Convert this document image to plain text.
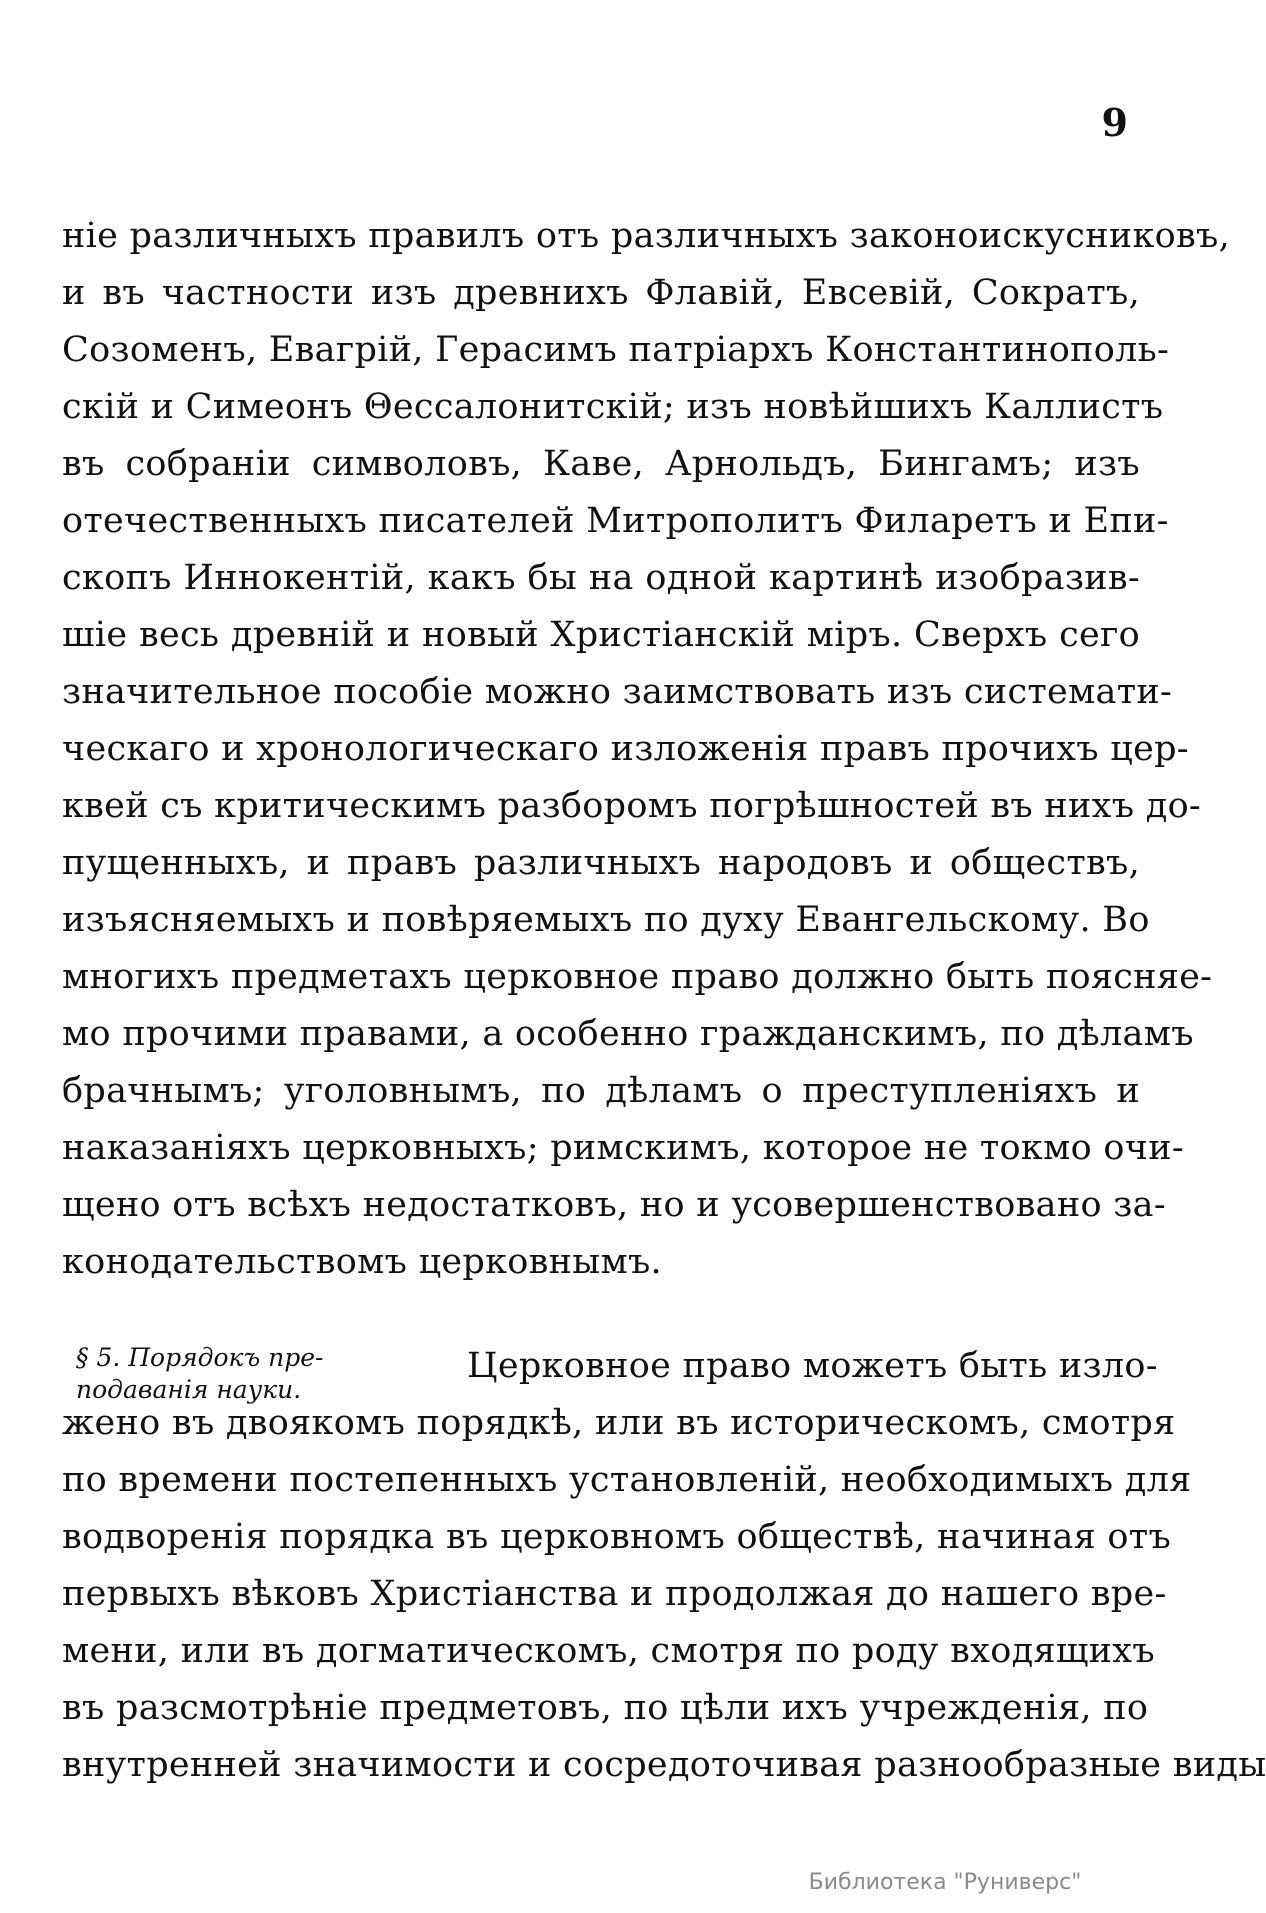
9
ніе различныхъ правилъ отъ различныхъ законоискусниковъ,
и въ частности изъ древнихъ Флавій, Евсевій, Сократъ,
Созоменъ, Евагрій, Герасимъ патріархъ Константинополь-
скій и Симеонъ Θессалонитскій; изъ новѣйшихъ Каллистъ
въ собраніи символовъ, Каве, Арнольдъ, Бингамъ; изъ
отечественныхъ писателей Митрополитъ Филаретъ и Епи-
скопъ Иннокентій, какъ бы на одной картинѣ изобразив-
шіе весь древній и новый Христіанскій міръ. Сверхъ сего
значительное пособіе можно заимствовать изъ системати-
ческаго и хронологическаго изложенія правъ прочихъ цер-
квей съ критическимъ разборомъ погрѣшностей въ нихъ до-
пущенныхъ, и правъ различныхъ народовъ и обществъ,
изъясняемыхъ и повѣряемыхъ по духу Евангельскому. Во
многихъ предметахъ церковное право должно быть поясняе-
мо прочими правами, а особенно гражданскимъ, по дѣламъ
брачнымъ; уголовнымъ, по дѣламъ о преступленіяхъ и
наказаніяхъ церковныхъ; римскимъ, которое не токмо очи-
щено отъ всѣхъ недостатковъ, но и усовершенствовано за-
конодательствомъ церковнымъ.
§ 5. Порядокъ пре-
подаванія науки.
Церковное право можетъ быть изло-
жено въ двоякомъ порядкѣ, или въ историческомъ, смотря
по времени постепенныхъ установленій, необходимыхъ для
водворенія порядка въ церковномъ обществѣ, начиная отъ
первыхъ вѣковъ Христіанства и продолжая до нашего вре-
мени, или въ догматическомъ, смотря по роду входящихъ
въ разсмотрѣніе предметовъ, по цѣли ихъ учрежденія, по
внутренней значимости и сосредоточивая разнообразные виды
Библиотека "Руниверс"
